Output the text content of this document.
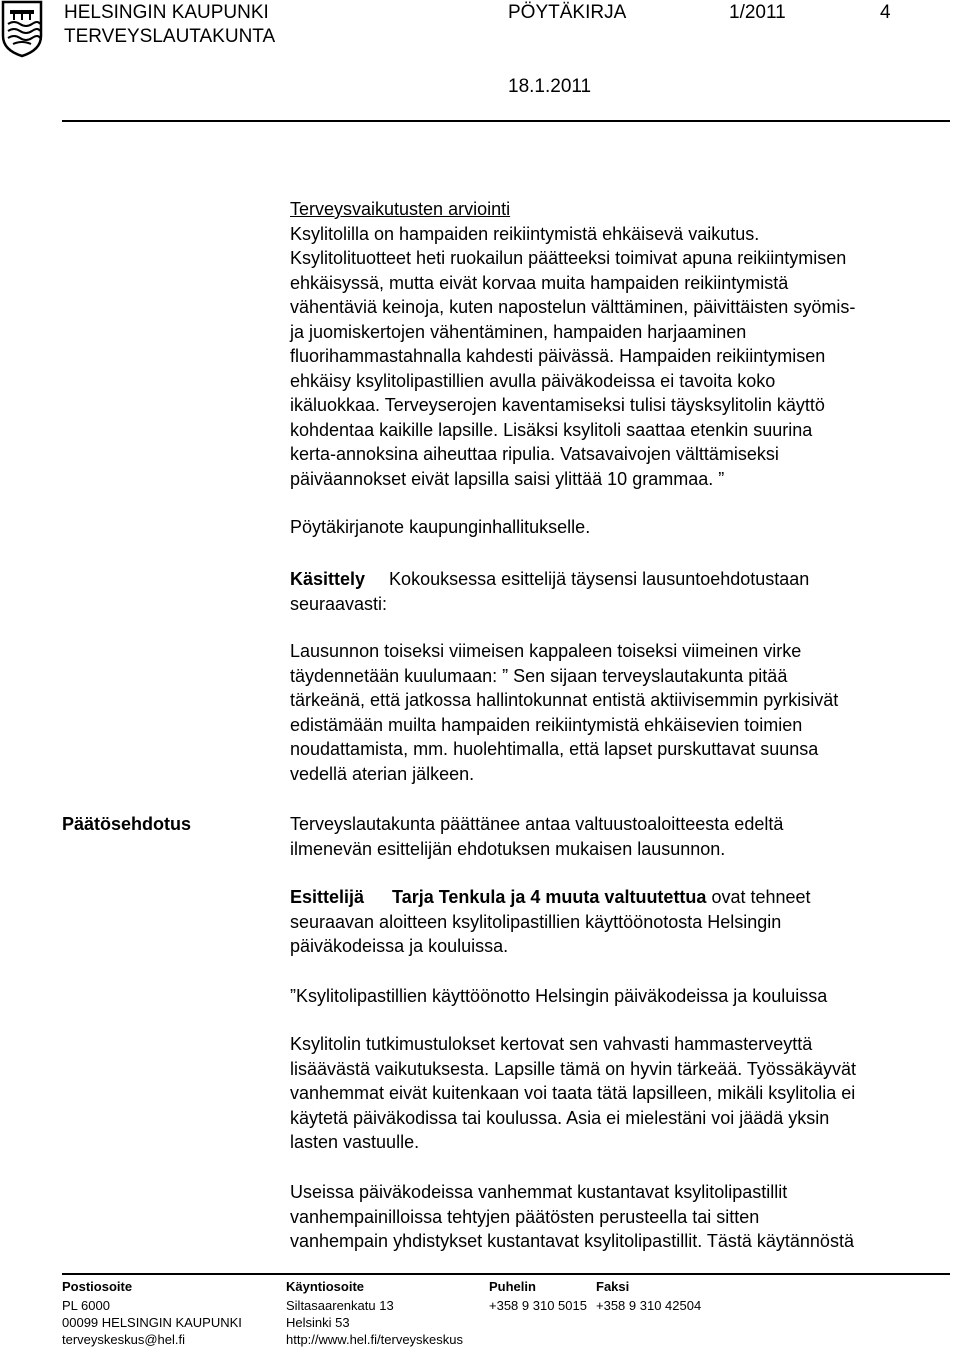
HELSINGIN KAUPUNKI
TERVEYSLAUTAKUNTA
PÖYTÄKIRJA	1/2011	4
18.1.2011
Terveysvaikutusten arviointi
Ksylitolilla on hampaiden reikiintymistä ehkäisevä vaikutus.
Ksylitolituotteet heti ruokailun päätteeksi toimivat apuna reikiintymisen
ehkäisyssä, mutta eivät korvaa muita hampaiden reikiintymistä
vähentäviä keinoja, kuten napostelun välttäminen, päivittäisten syömis-
ja juomiskertojen vähentäminen, hampaiden harjaaminen
fluorihammastahnalla kahdesti päivässä. Hampaiden reikiintymisen
ehkäisy ksylitolipastillien avulla päiväkodeissa ei tavoita koko
ikäluokkaa. Terveyserojen kaventamiseksi tulisi täysksylitolin käyttö
kohdentaa kaikille lapsille. Lisäksi ksylitoli saattaa etenkin suurina
kerta-annoksina aiheuttaa ripulia. Vatsavaivojen välttämiseksi
päiväannokset eivät lapsilla saisi ylittää 10 grammaa. ”
Pöytäkirjanote kaupunginhallitukselle.
Käsittely Kokouksessa esittelijä täysensi lausuntoehdotustaan
seuraavasti:
Lausunnon toiseksi viimeisen kappaleen toiseksi viimeinen virke
täydennetään kuulumaan: ” Sen sijaan terveyslautakunta pitää
tärkeänä, että jatkossa hallintokunnat entistä aktiivisemmin pyrkisivät
edistämään muilta hampaiden reikiintymistä ehkäisevien toimien
noudattamista, mm. huolehtimalla, että lapset purskuttavat suunsa
vedellä aterian jälkeen.
Päätösehdotus	Terveyslautakunta päättänee antaa valtuustoaloitteesta edeltä
ilmenevän esittelijän ehdotuksen mukaisen lausunnon.
Esittelijä Tarja Tenkula ja 4 muuta valtuutettua ovat tehneet
seuraavan aloitteen ksylitolipastillien käyttöönotosta Helsingin
päiväkodeissa ja kouluissa.
”Ksylitolipastillien käyttöönotto Helsingin päiväkodeissa ja kouluissa
Ksylitolin tutkimustulokset kertovat sen vahvasti hammasterveyttä
lisäävästä vaikutuksesta. Lapsille tämä on hyvin tärkeää. Työssäkäyvät
vanhemmat eivät kuitenkaan voi taata tätä lapsilleen, mikäli ksylitolia ei
käytetä päiväkodissa tai koulussa. Asia ei mielestäni voi jäädä yksin
lasten vastuulle.
Useissa päiväkodeissa vanhemmat kustantavat ksylitolipastillit
vanhempainilloissa tehtyjen päätösten perusteella tai sitten
vanhempain yhdistykset kustantavat ksylitolipastillit. Tästä käytännöstä
Postiosoite
PL 6000
00099 HELSINGIN KAUPUNKI
terveyskeskus@hel.fi
Käyntiosoite
Siltasaarenkatu 13
Helsinki 53
http://www.hel.fi/terveyskeskus
Puhelin
+358 9 310 5015
Faksi
+358 9 310 42504
